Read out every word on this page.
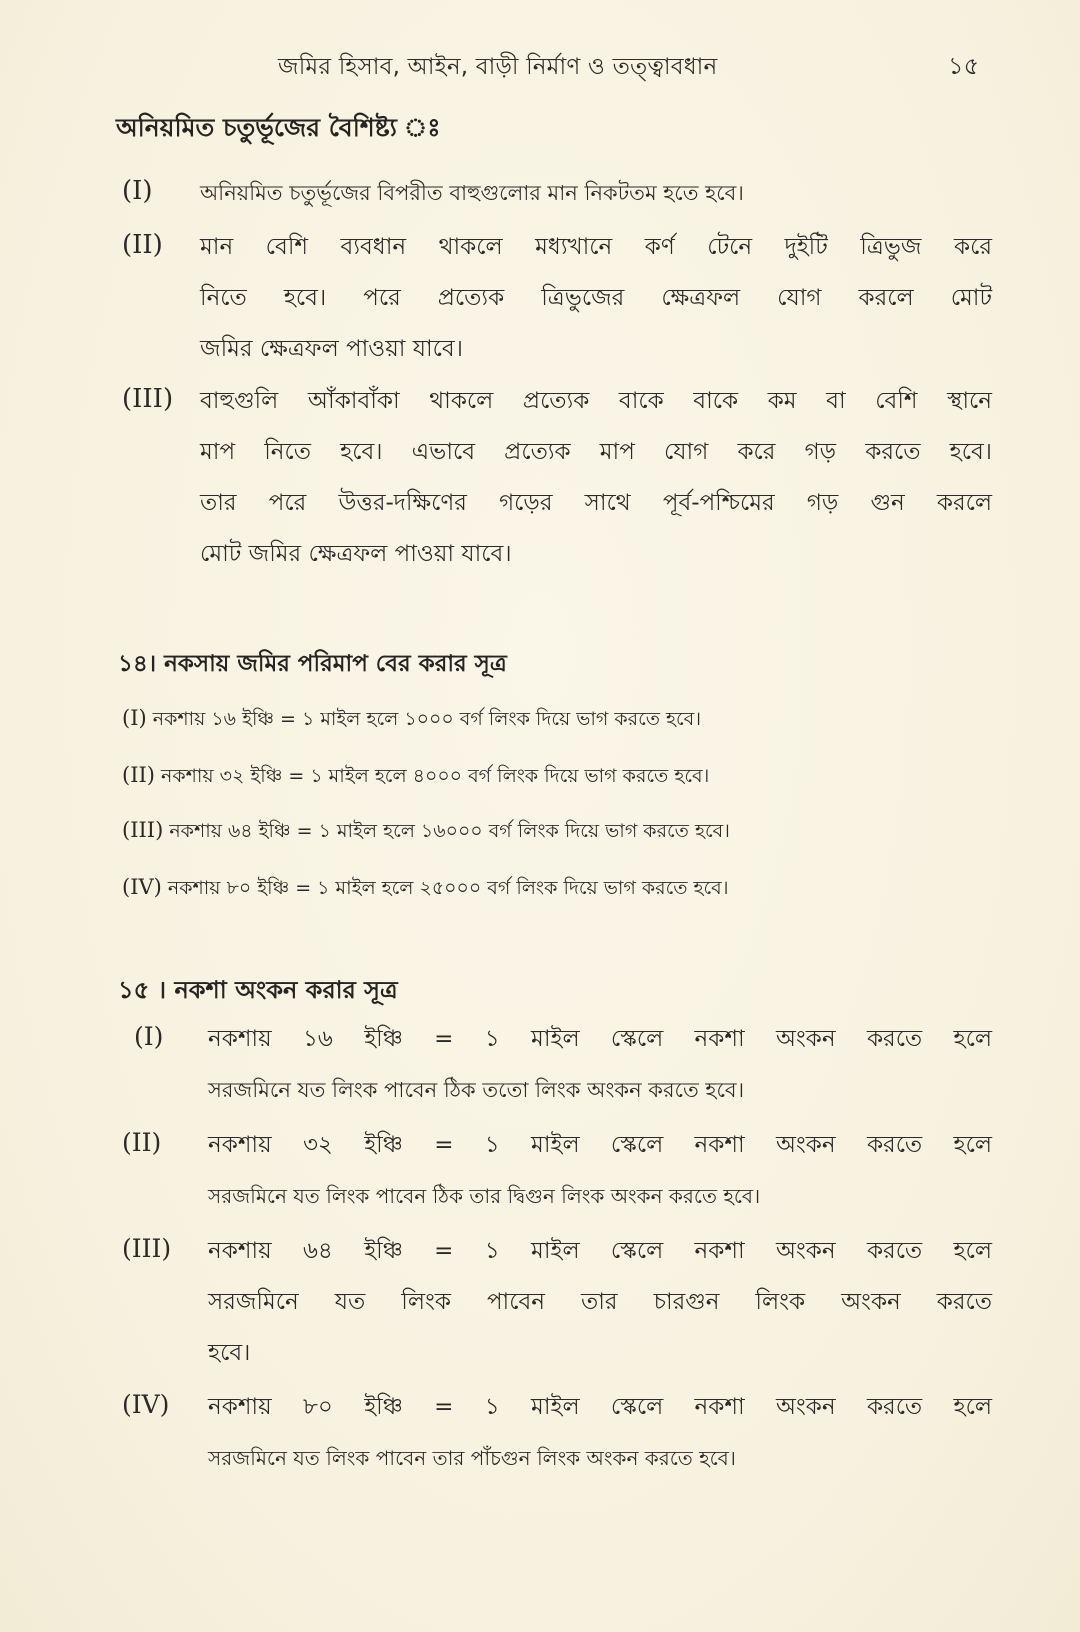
জমির হিসাব, আইন, বাড়ী নির্মাণ ও তত্ত্বাবধান	১৫
অনিয়মিত চতুর্ভূজের বৈশিষ্ট্য ঃ
(I) অনিয়মিত চতুর্ভূজের বিপরীত বাহুগুলোর মান নিকটতম হতে হবে।
(II) মান বেশি ব্যবধান থাকলে মধ্যখানে কর্ণ টেনে দুইটি ত্রিভুজ করে
নিতে হবে। পরে প্রত্যেক ত্রিভুজের ক্ষেত্রফল যোগ করলে মোট
জমির ক্ষেত্রফল পাওয়া যাবে।
(III) বাহুগুলি আঁকাবাঁকা থাকলে প্রত্যেক বাকে বাকে কম বা বেশি স্থানে
মাপ নিতে হবে। এভাবে প্রত্যেক মাপ যোগ করে গড় করতে হবে।
তার পরে উত্তর-দক্ষিণের গড়ের সাথে পূর্ব-পশ্চিমের গড় গুন করলে
মোট জমির ক্ষেত্রফল পাওয়া যাবে।
১৪। নকসায় জমির পরিমাপ বের করার সূত্র
(I) নকশায় ১৬ ইঞ্চি = ১ মাইল হলে ১০০০ বর্গ লিংক দিয়ে ভাগ করতে হবে।
(II) নকশায় ৩২ ইঞ্চি = ১ মাইল হলে ৪০০০ বর্গ লিংক দিয়ে ভাগ করতে হবে।
(III) নকশায় ৬৪ ইঞ্চি = ১ মাইল হলে ১৬০০০ বর্গ লিংক দিয়ে ভাগ করতে হবে।
(IV) নকশায় ৮০ ইঞ্চি = ১ মাইল হলে ২৫০০০ বর্গ লিংক দিয়ে ভাগ করতে হবে।
১৫ । নকশা অংকন করার সূত্র
(I) নকশায় ১৬ ইঞ্চি = ১ মাইল স্কেলে নকশা অংকন করতে হলে
সরজমিনে যত লিংক পাবেন ঠিক ততো লিংক অংকন করতে হবে।
(II) নকশায় ৩২ ইঞ্চি = ১ মাইল স্কেলে নকশা অংকন করতে হলে
সরজমিনে যত লিংক পাবেন ঠিক তার দ্বিগুন লিংক অংকন করতে হবে।
(III) নকশায় ৬৪ ইঞ্চি = ১ মাইল স্কেলে নকশা অংকন করতে হলে
সরজমিনে যত লিংক পাবেন তার চারগুন লিংক অংকন করতে
হবে।
(IV) নকশায় ৮০ ইঞ্চি = ১ মাইল স্কেলে নকশা অংকন করতে হলে
সরজমিনে যত লিংক পাবেন তার পাঁচগুন লিংক অংকন করতে হবে।
